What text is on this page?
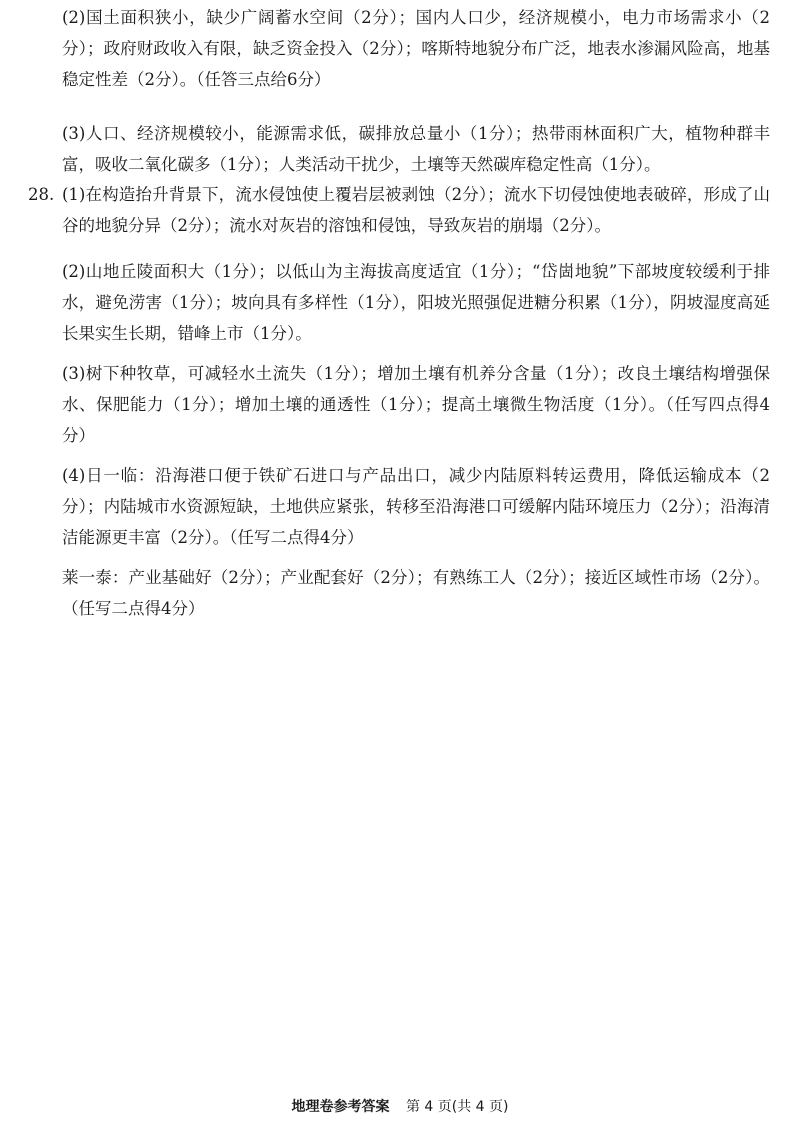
(2)国土面积狭小，缺少广阔蓄水空间（2分）；国内人口少，经济规模小，电力市场需求小（2分）；政府财政收入有限，缺乏资金投入（2分）；喀斯特地貌分布广泛，地表水渗漏风险高，地基稳定性差（2分）。（任答三点给6分）
(3)人口、经济规模较小，能源需求低，碳排放总量小（1分）；热带雨林面积广大，植物种群丰富，吸收二氧化碳多（1分）；人类活动干扰少，土壤等天然碳库稳定性高（1分）。
28. (1)在构造抬升背景下，流水侵蚀使上覆岩层被剥蚀（2分）；流水下切侵蚀使地表破碎，形成了山谷的地貌分异（2分）；流水对灰岩的溶蚀和侵蚀，导致灰岩的崩塌（2分）。
(2)山地丘陵面积大（1分）；以低山为主海拔高度适宜（1分）；“岱崮地貌”下部坡度较缓利于排水，避免涝害（1分）；坡向具有多样性（1分），阳坡光照强促进糖分积累（1分），阴坡湿度高延长果实生长期，错峰上市（1分）。
(3)树下种牧草，可减轻水土流失（1分）；增加土壤有机养分含量（1分）；改良土壤结构增强保水、保肥能力（1分）；增加土壤的通透性（1分）；提高土壤微生物活度（1分）。（任写四点得4分）
(4)日一临：沿海港口便于铁矿石进口与产品出口，减少内陆原料转运费用，降低运输成本（2分）；内陆城市水资源短缺，土地供应紧张，转移至沿海港口可缓解内陆环境压力（2分）；沿海清洁能源更丰富（2分）。（任写二点得4分）
莱一泰：产业基础好（2分）；产业配套好（2分）；有熟练工人（2分）；接近区域性市场（2分）。（任写二点得4分）
地理卷参考答案 第 4 页(共 4 页)
